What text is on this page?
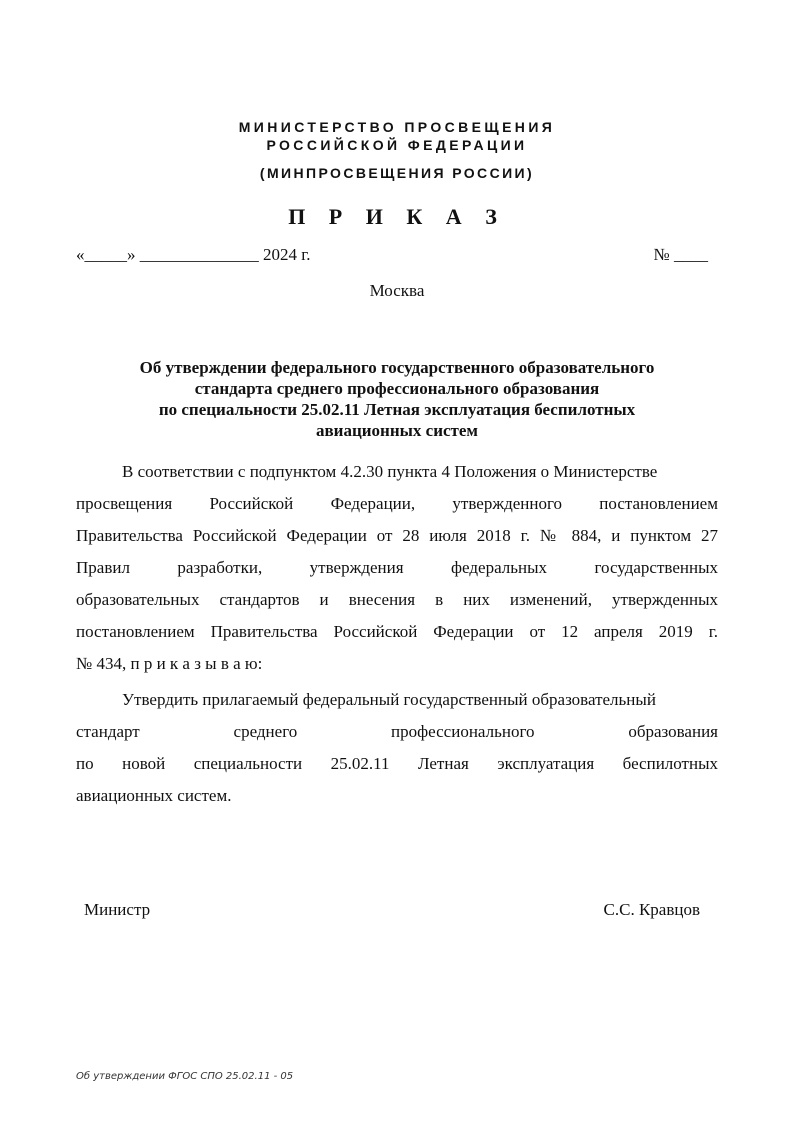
МИНИСТЕРСТВО ПРОСВЕЩЕНИЯ
РОССИЙСКОЙ ФЕДЕРАЦИИ
(МИНПРОСВЕЩЕНИЯ РОССИИ)
П Р И К А З
«_____» ______________ 2024 г.	№ ____
Москва
Об утверждении федерального государственного образовательного
стандарта среднего профессионального образования
по специальности 25.02.11 Летная эксплуатация беспилотных
авиационных систем
В соответствии с подпунктом 4.2.30 пункта 4 Положения о Министерстве
просвещения Российской Федерации, утвержденного постановлением
Правительства Российской Федерации от 28 июля 2018 г. № 884, и пунктом 27
Правил разработки, утверждения федеральных государственных
образовательных стандартов и внесения в них изменений, утвержденных
постановлением Правительства Российской Федерации от 12 апреля 2019 г.
№ 434, п р и к а з ы в а ю:
Утвердить прилагаемый федеральный государственный образовательный
стандарт среднего профессионального образования
по новой специальности 25.02.11 Летная эксплуатация беспилотных
авиационных систем.
Министр	С.С. Кравцов
Об утверждении ФГОС СПО 25.02.11 - 05
